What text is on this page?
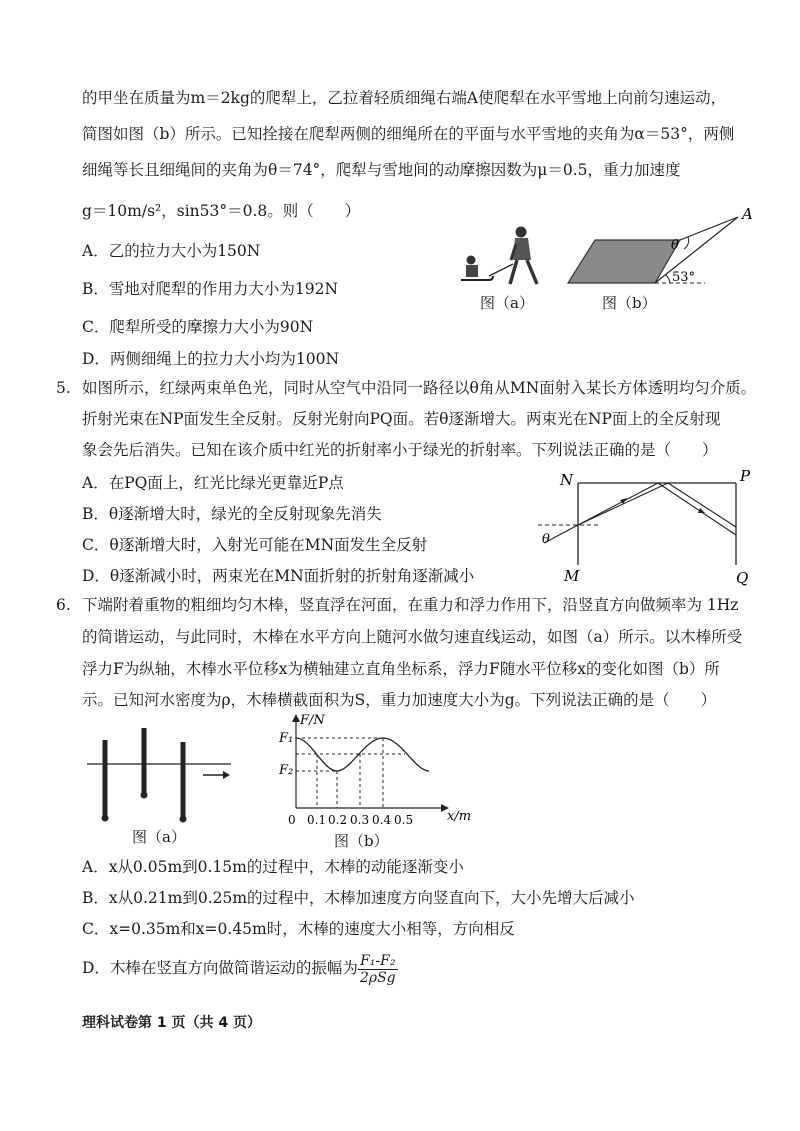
的甲坐在质量为m＝2kg的爬犁上，乙拉着轻质细绳右端A使爬犁在水平雪地上向前匀速运动，
简图如图（b）所示。已知拴接在爬犁两侧的细绳所在的平面与水平雪地的夹角为α＝53°，两侧
细绳等长且细绳间的夹角为θ＝74°，爬犁与雪地间的动摩擦因数为μ＝0.5，重力加速度
g＝10m/s²，sin53°＝0.8。则（　　）
A．乙的拉力大小为150N
B．雪地对爬犁的作用力大小为192N
C．爬犁所受的摩擦力大小为90N
D．两侧细绳上的拉力大小均为100N
图（a）
A
θ
53°
图（b）
5. 如图所示，红绿两束单色光，同时从空气中沿同一路径以θ角从MN面射入某长方体透明均匀介质。
折射光束在NP面发生全反射。反射光射向PQ面。若θ逐渐增大。两束光在NP面上的全反射现
象会先后消失。已知在该介质中红光的折射率小于绿光的折射率。下列说法正确的是（　　）
A．在PQ面上，红光比绿光更靠近P点
B．θ逐渐增大时，绿光的全反射现象先消失
C．θ逐渐增大时，入射光可能在MN面发生全反射
D．θ逐渐减小时，两束光在MN面折射的折射角逐渐减小
N	P
M	Q
θ
6. 下端附着重物的粗细均匀木棒，竖直浮在河面，在重力和浮力作用下，沿竖直方向做频率为 1Hz
的简谐运动，与此同时，木棒在水平方向上随河水做匀速直线运动，如图（a）所示。以木棒所受
浮力F为纵轴，木棒水平位移x为横轴建立直角坐标系，浮力F随水平位移x的变化如图（b）所
示。已知河水密度为ρ，木棒横截面积为S，重力加速度大小为g。下列说法正确的是（　　）
图（a）
F/N
x/m
F₁
F₂
0 0.1 0.2 0.3 0.4 0.5
图（b）
A．x从0.05m到0.15m的过程中，木棒的动能逐渐变小
B．x从0.21m到0.25m的过程中，木棒加速度方向竖直向下，大小先增大后减小
C．x=0.35m和x=0.45m时，木棒的速度大小相等，方向相反
D．木棒在竖直方向做简谐运动的振幅为 $\frac{\text{F₁-F₂}}{\text{2ρSg}}$
理科试卷第 1 页（共 4 页）
